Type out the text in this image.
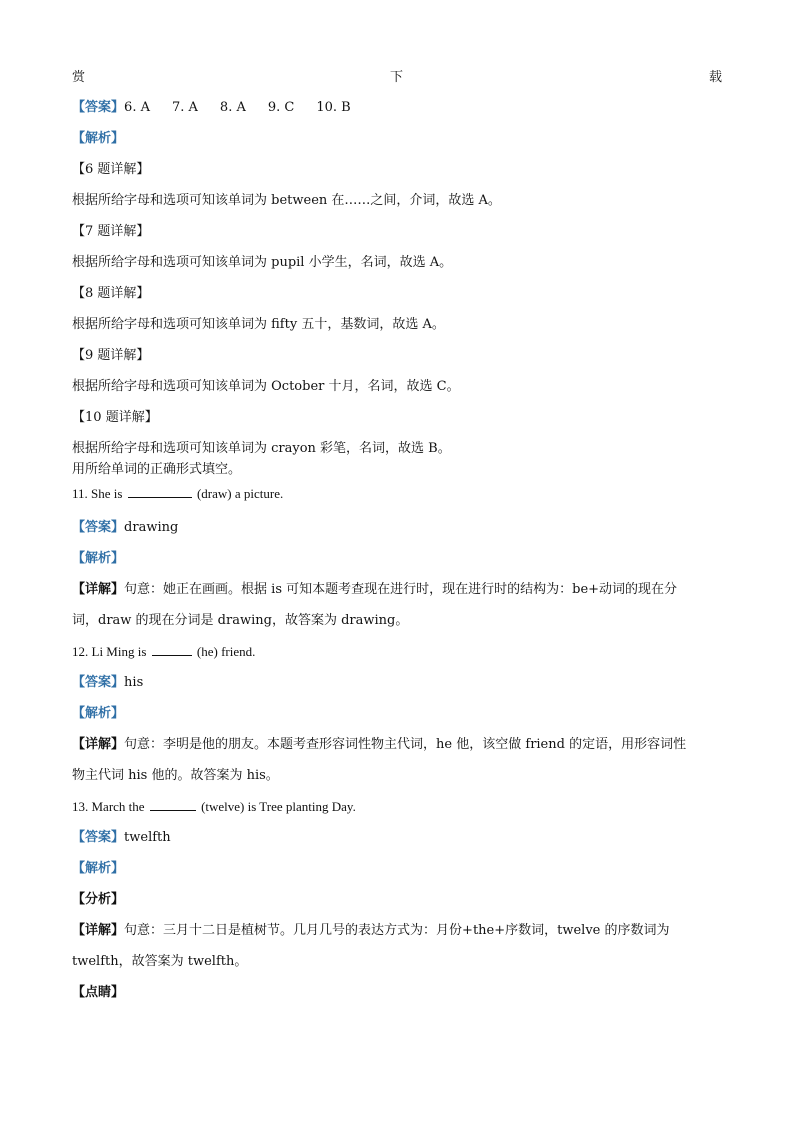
赏	下	载
【答案】6. A 7. A 8. A 9. C 10. B
【解析】
【6 题详解】
根据所给字母和选项可知该单词为 between 在……之间，介词，故选 A。
【7 题详解】
根据所给字母和选项可知该单词为 pupil 小学生，名词，故选 A。
【8 题详解】
根据所给字母和选项可知该单词为 fifty 五十，基数词，故选 A。
【9 题详解】
根据所给字母和选项可知该单词为 October 十月，名词，故选 C。
【10 题详解】
根据所给字母和选项可知该单词为 crayon 彩笔，名词，故选 B。
用所给单词的正确形式填空。
11. She is	(draw) a picture.
【答案】drawing
【解析】
【详解】句意：她正在画画。根据 is 可知本题考查现在进行时，现在进行时的结构为：be+动词的现在分
词，draw 的现在分词是 drawing，故答案为 drawing。
12. Li Ming is	(he) friend.
【答案】his
【解析】
【详解】句意：李明是他的朋友。本题考查形容词性物主代词，he 他，该空做 friend 的定语，用形容词性
物主代词 his 他的。故答案为 his。
13. March the	(twelve) is Tree planting Day.
【答案】twelfth
【解析】
【分析】
【详解】句意：三月十二日是植树节。几月几号的表达方式为：月份+the+序数词，twelve 的序数词为
twelfth，故答案为 twelfth。
【点睛】
